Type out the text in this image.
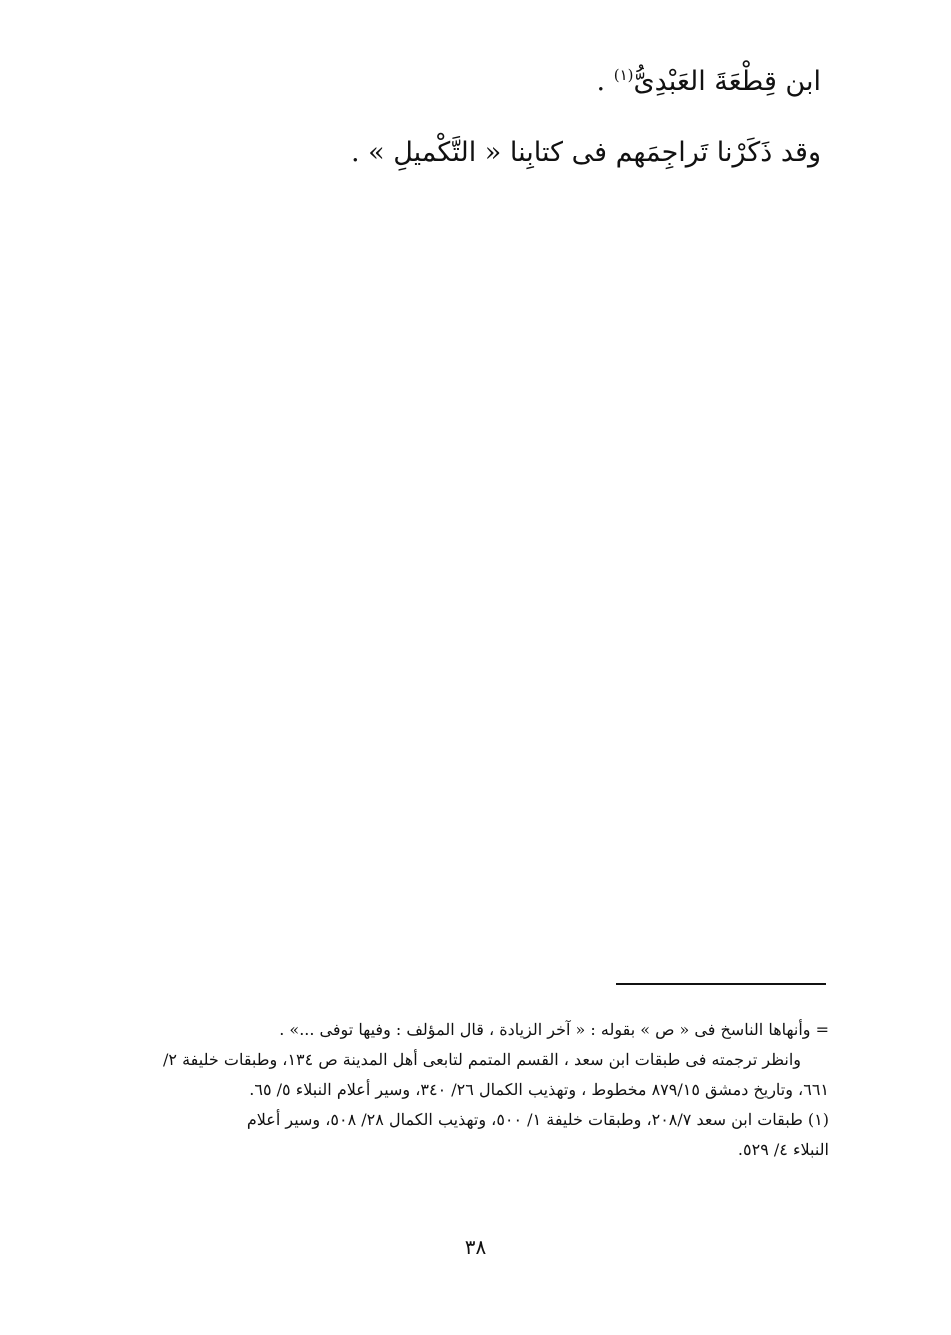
ابن قِطْعَةَ العَبْدِىُّ$^{(١)}$ .
وقد ذَكَرْنا تَراجِمَهم فى كتابِنا « التَّكْميلِ » .
= وأنهاها الناسخ فى « ص » بقوله : « آخر الزيادة ، قال المؤلف : وفيها توفى ...» .
وانظر ترجمته فى طبقات ابن سعد ، القسم المتمم لتابعى أهل المدينة ص ١٣٤، وطبقات خليفة ٢/
٦٦١، وتاريخ دمشق ٨٧٩/١٥ مخطوط ، وتهذيب الكمال ٢٦/ ٣٤٠، وسير أعلام النبلاء ٥/ ٦٥.
(١) طبقات ابن سعد ٢٠٨/٧، وطبقات خليفة ١/ ٥٠٠، وتهذيب الكمال ٢٨/ ٥٠٨، وسير أعلام
النبلاء ٤/ ٥٢٩.
٣٨
